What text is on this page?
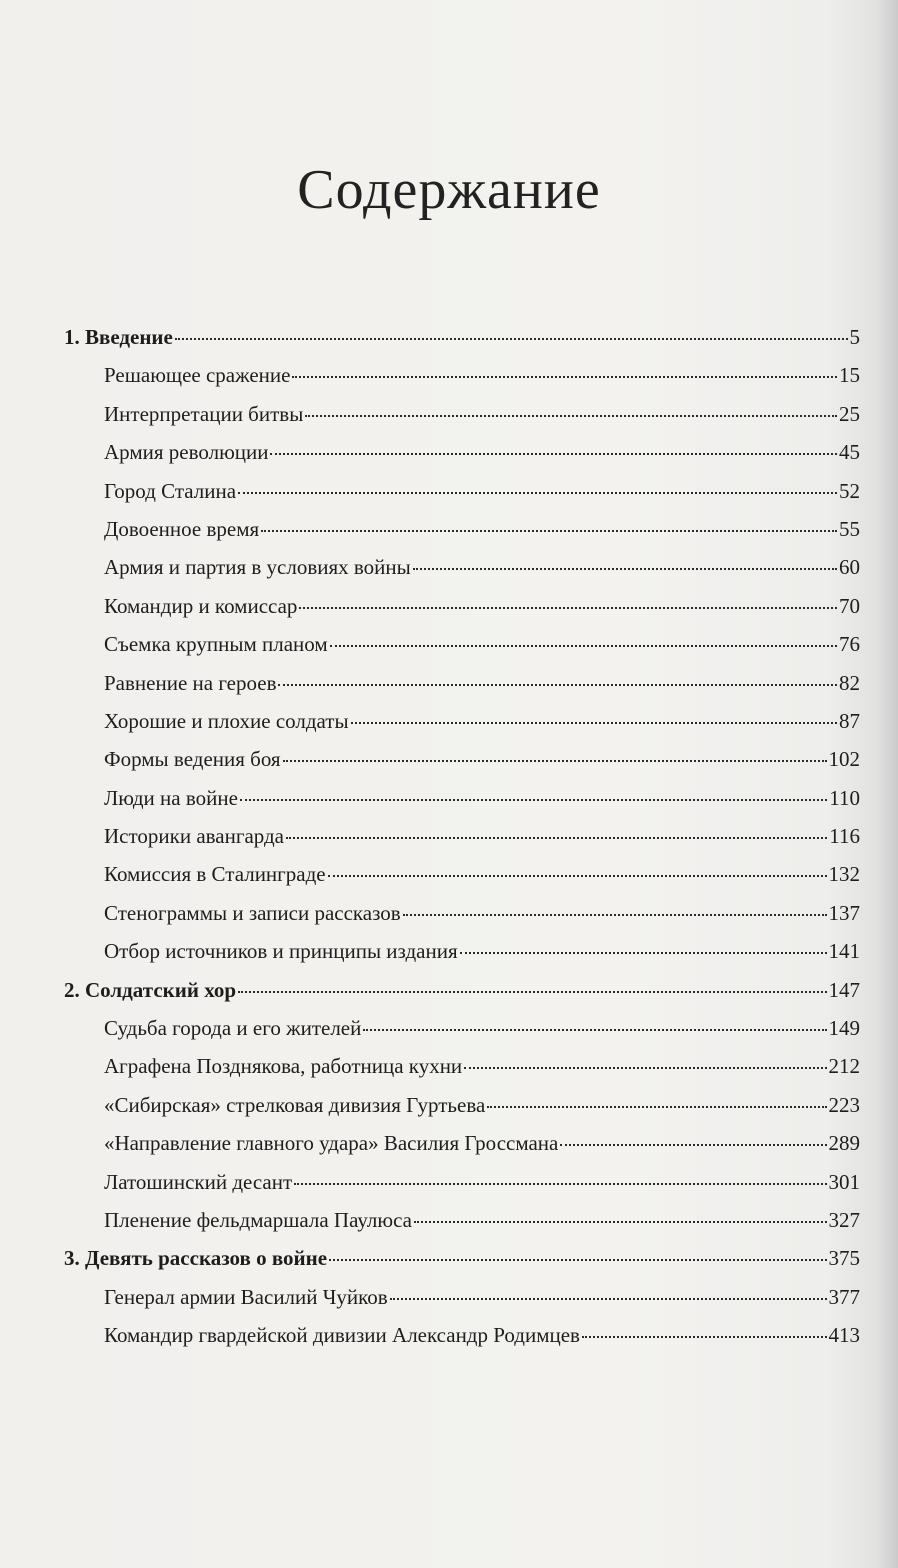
Содержание
1. Введение	5
Решающее сражение	15
Интерпретации битвы	25
Армия революции	45
Город Сталина	52
Довоенное время	55
Армия и партия в условиях войны	60
Командир и комиссар	70
Съемка крупным планом	76
Равнение на героев	82
Хорошие и плохие солдаты	87
Формы ведения боя	102
Люди на войне	110
Историки авангарда	116
Комиссия в Сталинграде	132
Стенограммы и записи рассказов	137
Отбор источников и принципы издания	141
2. Солдатский хор	147
Судьба города и его жителей	149
Аграфена Позднякова, работница кухни	212
«Сибирская» стрелковая дивизия Гуртьева	223
«Направление главного удара» Василия Гроссмана	289
Латошинский десант	301
Пленение фельдмаршала Паулюса	327
3. Девять рассказов о войне	375
Генерал армии Василий Чуйков	377
Командир гвардейской дивизии Александр Родимцев	413
